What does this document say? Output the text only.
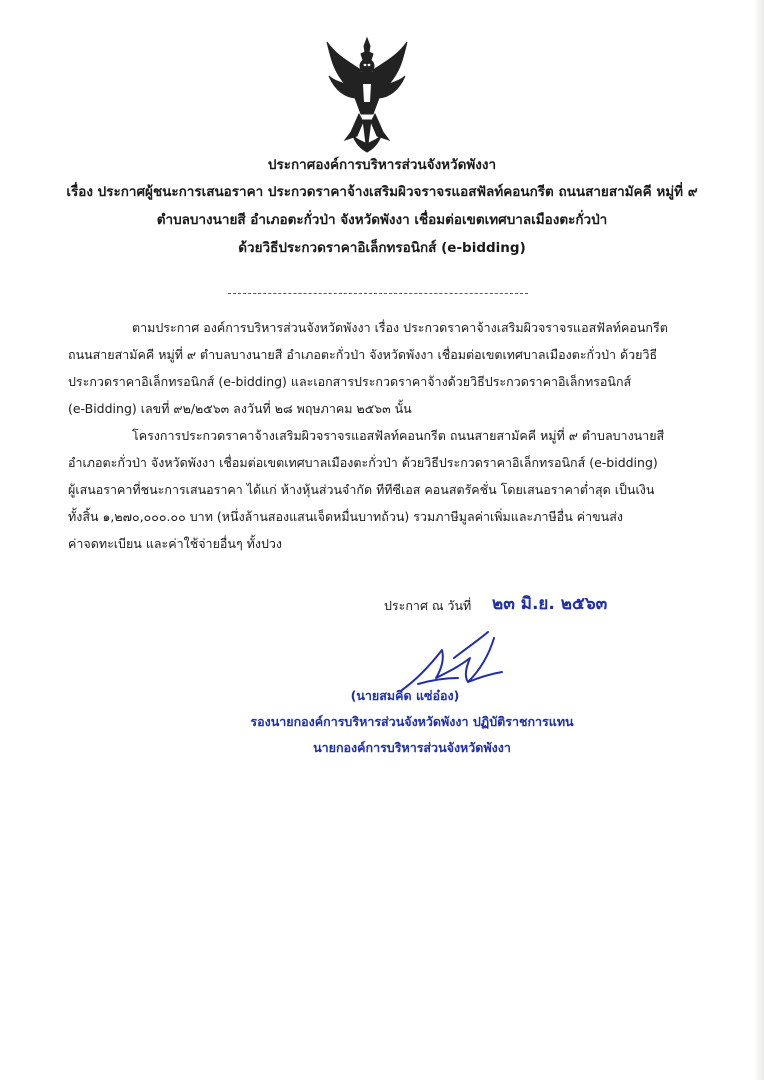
ประกาศองค์การบริหารส่วนจังหวัดพังงา
เรื่อง ประกาศผู้ชนะการเสนอราคา ประกวดราคาจ้างเสริมผิวจราจรแอสฟัลท์คอนกรีต ถนนสายสามัคคี หมู่ที่ ๙
ตำบลบางนายสี อำเภอตะกั่วป่า จังหวัดพังงา เชื่อมต่อเขตเทศบาลเมืองตะกั่วป่า
ด้วยวิธีประกวดราคาอิเล็กทรอนิกส์ (e-bidding)
ตามประกาศ องค์การบริหารส่วนจังหวัดพังงา เรื่อง ประกวดราคาจ้างเสริมผิวจราจรแอสฟัลท์คอนกรีต
ถนนสายสามัคคี หมู่ที่ ๙ ตำบลบางนายสี อำเภอตะกั่วป่า จังหวัดพังงา เชื่อมต่อเขตเทศบาลเมืองตะกั่วป่า ด้วยวิธี
ประกวดราคาอิเล็กทรอนิกส์ (e-bidding) และเอกสารประกวดราคาจ้างด้วยวิธีประกวดราคาอิเล็กทรอนิกส์
(e-Bidding) เลขที่ ๙๒/๒๕๖๓ ลงวันที่ ๒๘ พฤษภาคม ๒๕๖๓ นั้น
โครงการประกวดราคาจ้างเสริมผิวจราจรแอสฟัลท์คอนกรีต ถนนสายสามัคคี หมู่ที่ ๙ ตำบลบางนายสี
อำเภอตะกั่วป่า จังหวัดพังงา เชื่อมต่อเขตเทศบาลเมืองตะกั่วป่า ด้วยวิธีประกวดราคาอิเล็กทรอนิกส์ (e-bidding)
ผู้เสนอราคาที่ชนะการเสนอราคา ได้แก่ ห้างหุ้นส่วนจำกัด ทีทีซีเอส คอนสตรัคชั่น โดยเสนอราคาต่ำสุด เป็นเงิน
ทั้งสิ้น ๑,๒๗๐,๐๐๐.๐๐ บาท (หนึ่งล้านสองแสนเจ็ดหมื่นบาทถ้วน) รวมภาษีมูลค่าเพิ่มและภาษีอื่น ค่าขนส่ง
ค่าจดทะเบียน และค่าใช้จ่ายอื่นๆ ทั้งปวง
ประกาศ ณ วันที่ ๒๓ มิ.ย. ๒๕๖๓
(นายสมคิด แซ่อ๋อง)
รองนายกองค์การบริหารส่วนจังหวัดพังงา ปฏิบัติราชการแทน
นายกองค์การบริหารส่วนจังหวัดพังงา
